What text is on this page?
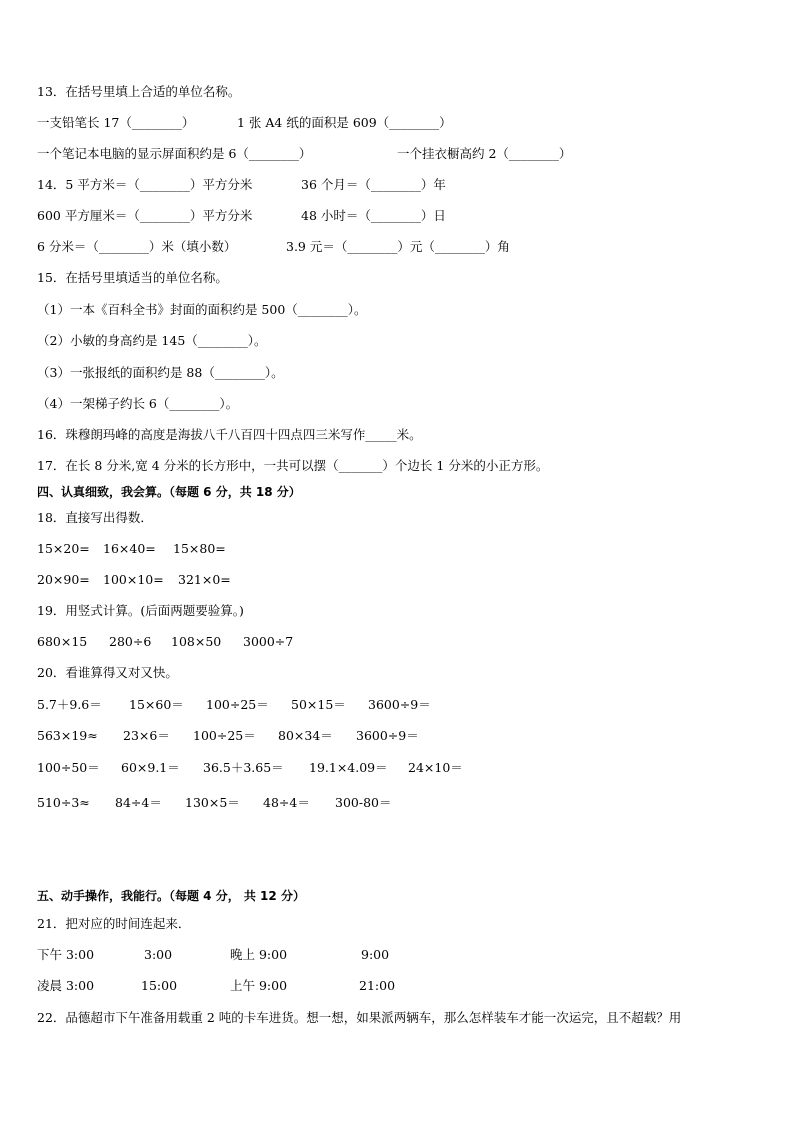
13．在括号里填上合适的单位名称。
一支铅笔长 17（________）	1 张 A4 纸的面积是 609（________）
一个笔记本电脑的显示屏面积约是 6（________）	一个挂衣橱高约 2（________）
14．5 平方米＝（________）平方分米	36 个月＝（________）年
600 平方厘米＝（________）平方分米	48 小时＝（________）日
6 分米＝（________）米（填小数）	3.9 元＝（________）元（________）角
15．在括号里填适当的单位名称。
（1）一本《百科全书》封面的面积约是 500（________）。
（2）小敏的身高约是 145（________）。
（3）一张报纸的面积约是 88（________）。
（4）一架梯子约长 6（________）。
16．珠穆朗玛峰的高度是海拔八千八百四十四点四三米写作_____米。
17．在长 8 分米,宽 4 分米的长方形中，一共可以摆（_______）个边长 1 分米的小正方形。
四、认真细致，我会算。（每题 6 分，共 18 分）
18．直接写出得数．
15×20= 16×40= 15×80=
20×90= 100×10= 321×0=
19．用竖式计算。(后面两题要验算。)
680×15 280÷6 108×50 3000÷7
20．看谁算得又对又快。
5.7＋9.6＝ 15×60＝ 100÷25＝ 50×15＝ 3600÷9＝
563×19≈ 23×6＝ 100÷25＝ 80×34＝ 3600÷9＝
100÷50＝ 60×9.1＝ 36.5＋3.65＝ 19.1×4.09＝ 24×10＝
510÷3≈ 84÷4＝ 130×5＝ 48÷4＝ 300-80＝
五、动手操作，我能行。（每题 4 分， 共 12 分）
21．把对应的时间连起来．
下午 3:00	3:00	晚上 9:00	9:00
凌晨 3:00	15:00	上午 9:00	21:00
22．品德超市下午准备用载重 2 吨的卡车进货。想一想，如果派两辆车，那么怎样装车才能一次运完，且不超载？用
